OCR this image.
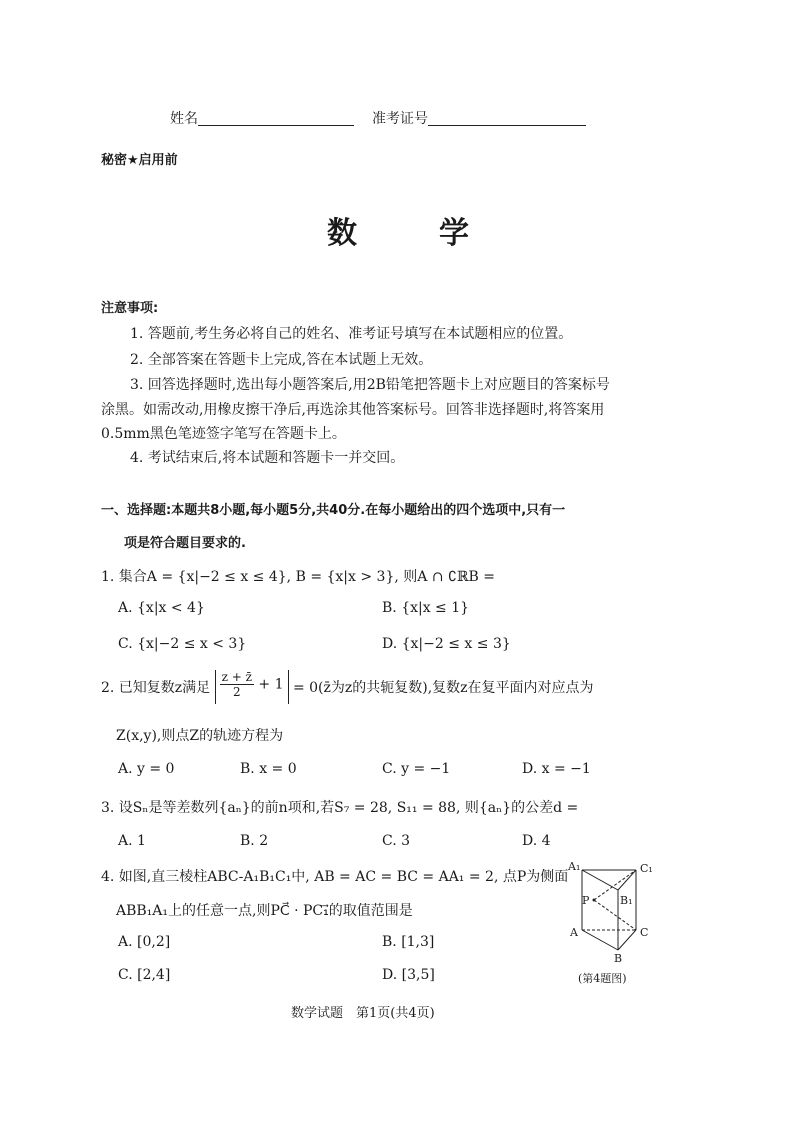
姓名	准考证号
秘密★启用前
数　学
注意事项:
1. 答题前,考生务必将自己的姓名、准考证号填写在本试题相应的位置。
2. 全部答案在答题卡上完成,答在本试题上无效。
3. 回答选择题时,选出每小题答案后,用2B铅笔把答题卡上对应题目的答案标号
涂黑。如需改动,用橡皮擦干净后,再选涂其他答案标号。回答非选择题时,将答案用
0.5mm黑色笔迹签字笔写在答题卡上。
4. 考试结束后,将本试题和答题卡一并交回。
一、选择题:本题共8小题,每小题5分,共40分.在每小题给出的四个选项中,只有一
项是符合题目要求的.
1. 集合A = {x|−2 ≤ x ≤ 4}, B = {x|x > 3}, 则A ∩ ∁ℝB =
A. {x|x < 4}	B. {x|x ≤ 1}
C. {x|−2 ≤ x < 3}	D. {x|−2 ≤ x ≤ 3}
2. 已知复数z满足 $\frac{z + z̄}{2} + 1$ = 0(z̄为z的共轭复数),复数z在复平面内对应点为
Z(x,y),则点Z的轨迹方程为
A. y = 0	B. x = 0	C. y = −1	D. x = −1
3. 设Sₙ是等差数列{aₙ}的前n项和,若S₇ = 28, S₁₁ = 88, 则{aₙ}的公差d =
A. 1	B. 2	C. 3	D. 4
4. 如图,直三棱柱ABC-A₁B₁C₁中, AB = AC = BC = AA₁ = 2, 点P为侧面
ABB₁A₁上的任意一点,则PC⃗ · PC₁⃗的取值范围是
A. [0,2]	B. [1,3]
C. [2,4]	D. [3,5]
A₁	C₁
B₁
P
A	C
B
(第4题图)
数学试题　第1页(共4页)
